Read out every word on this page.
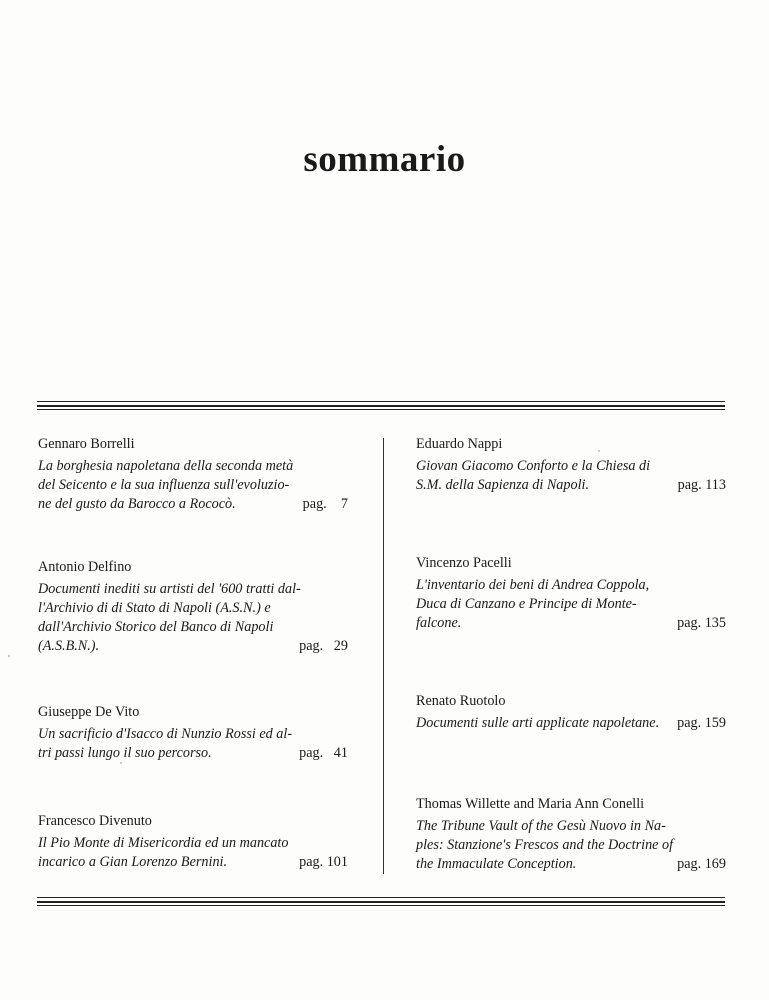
sommario
Gennaro Borrelli
La borghesia napoletana della seconda metà
del Seicento e la sua influenza sull'evoluzio-
ne del gusto da Barocco a Rococò.	pag.    7
Antonio Delfino
Documenti inediti su artisti del '600 tratti dal-
l'Archivio di di Stato di Napoli (A.S.N.) e
dall'Archivio Storico del Banco di Napoli
(A.S.B.N.).	pag.   29
Giuseppe De Vito
Un sacrificio d'Isacco di Nunzio Rossi ed al-
tri passi lungo il suo percorso.	pag.   41
Francesco Divenuto
Il Pio Monte di Misericordia ed un mancato
incarico a Gian Lorenzo Bernini.	pag. 101
Eduardo Nappi
Giovan Giacomo Conforto e la Chiesa di
S.M. della Sapienza di Napoli.	pag. 113
Vincenzo Pacelli
L'inventario dei beni di Andrea Coppola,
Duca di Canzano e Principe di Monte-
falcone.	pag. 135
Renato Ruotolo
Documenti sulle arti applicate napoletane. pag. 159
Thomas Willette and Maria Ann Conelli
The Tribune Vault of the Gesù Nuovo in Na-
ples: Stanzione's Frescos and the Doctrine of
the Immaculate Conception.	pag. 169
